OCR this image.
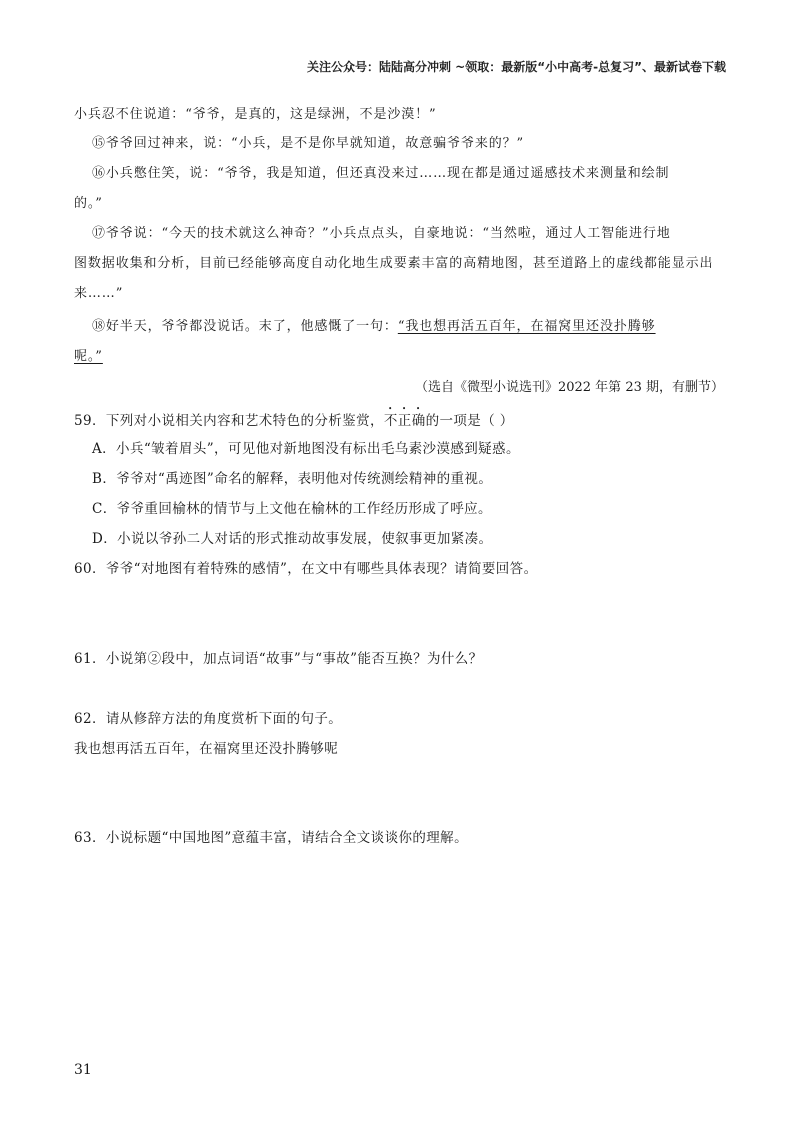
关注公众号：陆陆高分冲刺 ~领取：最新版“小中高考-总复习”、最新试卷下载
小兵忍不住说道：“爷爷，是真的，这是绿洲，不是沙漠！”
⑮爷爷回过神来，说：“小兵，是不是你早就知道，故意骗爷爷来的？”
⑯小兵憋住笑，说：“爷爷，我是知道，但还真没来过……现在都是通过遥感技术来测量和绘制
的。”
⑰爷爷说：“今天的技术就这么神奇？”小兵点点头，自豪地说：“当然啦，通过人工智能进行地
图数据收集和分析，目前已经能够高度自动化地生成要素丰富的高精地图，甚至道路上的虚线都能显示出
来……”
⑱好半天，爷爷都没说话。末了，他感慨了一句：“我也想再活五百年，在福窝里还没扑腾够
呢。”
（选自《微型小说选刊》2022 年第 23 期，有删节）
59．下列对小说相关内容和艺术特色的分析鉴赏，不正确的一项是（ ）
A．小兵“皱着眉头”，可见他对新地图没有标出毛乌素沙漠感到疑惑。
B．爷爷对“禹迹图”命名的解释，表明他对传统测绘精神的重视。
C．爷爷重回榆林的情节与上文他在榆林的工作经历形成了呼应。
D．小说以爷孙二人对话的形式推动故事发展，使叙事更加紧凑。
60．爷爷“对地图有着特殊的感情”，在文中有哪些具体表现？请简要回答。
61．小说第②段中，加点词语“故事”与“事故”能否互换？为什么？
62．请从修辞方法的角度赏析下面的句子。
我也想再活五百年，在福窝里还没扑腾够呢
63．小说标题“中国地图”意蕴丰富，请结合全文谈谈你的理解。
31
